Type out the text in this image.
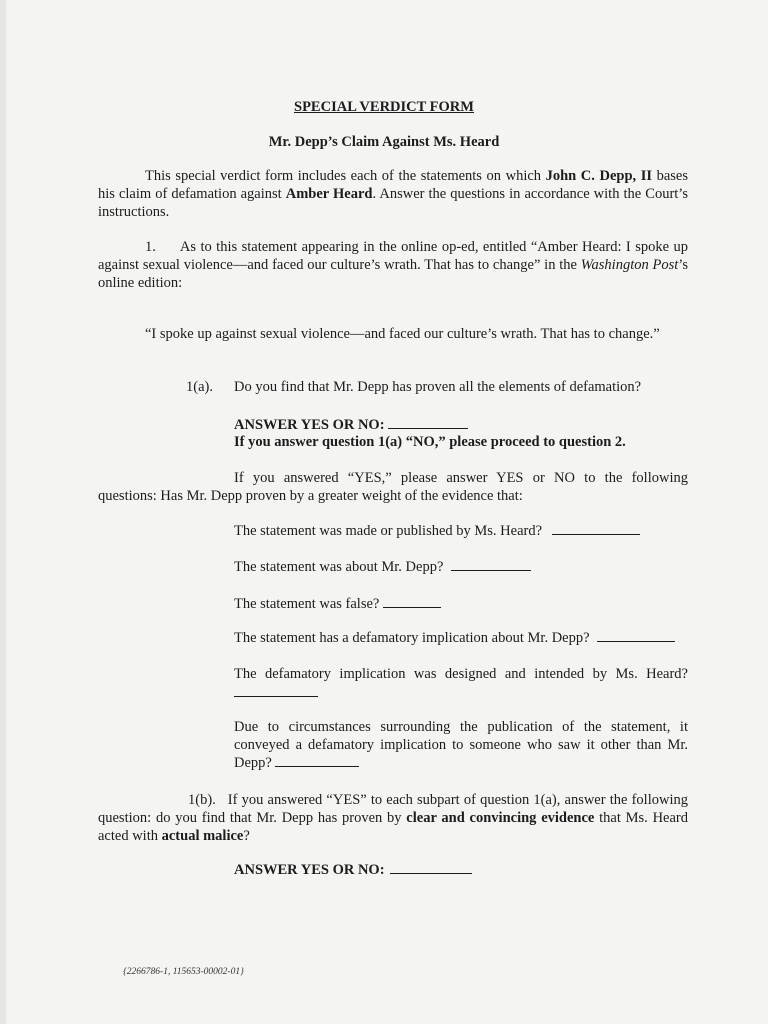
SPECIAL VERDICT FORM
Mr. Depp’s Claim Against Ms. Heard
This special verdict form includes each of the statements on which John C. Depp, II bases his claim of defamation against Amber Heard. Answer the questions in accordance with the Court’s instructions.
1. As to this statement appearing in the online op-ed, entitled “Amber Heard: I spoke up against sexual violence—and faced our culture’s wrath. That has to change” in the Washington Post’s online edition:
“I spoke up against sexual violence—and faced our culture’s wrath. That has to change.”
1(a). Do you find that Mr. Depp has proven all the elements of defamation?
ANSWER YES OR NO:
If you answer question 1(a) “NO,” please proceed to question 2.
If you answered “YES,” please answer YES or NO to the following questions: Has Mr. Depp proven by a greater weight of the evidence that:
The statement was made or published by Ms. Heard?
The statement was about Mr. Depp?
The statement was false?
The statement has a defamatory implication about Mr. Depp?
The defamatory implication was designed and intended by Ms. Heard?
Due to circumstances surrounding the publication of the statement, it conveyed a defamatory implication to someone who saw it other than Mr. Depp?
1(b). If you answered “YES” to each subpart of question 1(a), answer the following question: do you find that Mr. Depp has proven by clear and convincing evidence that Ms. Heard acted with actual malice?
ANSWER YES OR NO:
{2266786-1, 115653-00002-01}
